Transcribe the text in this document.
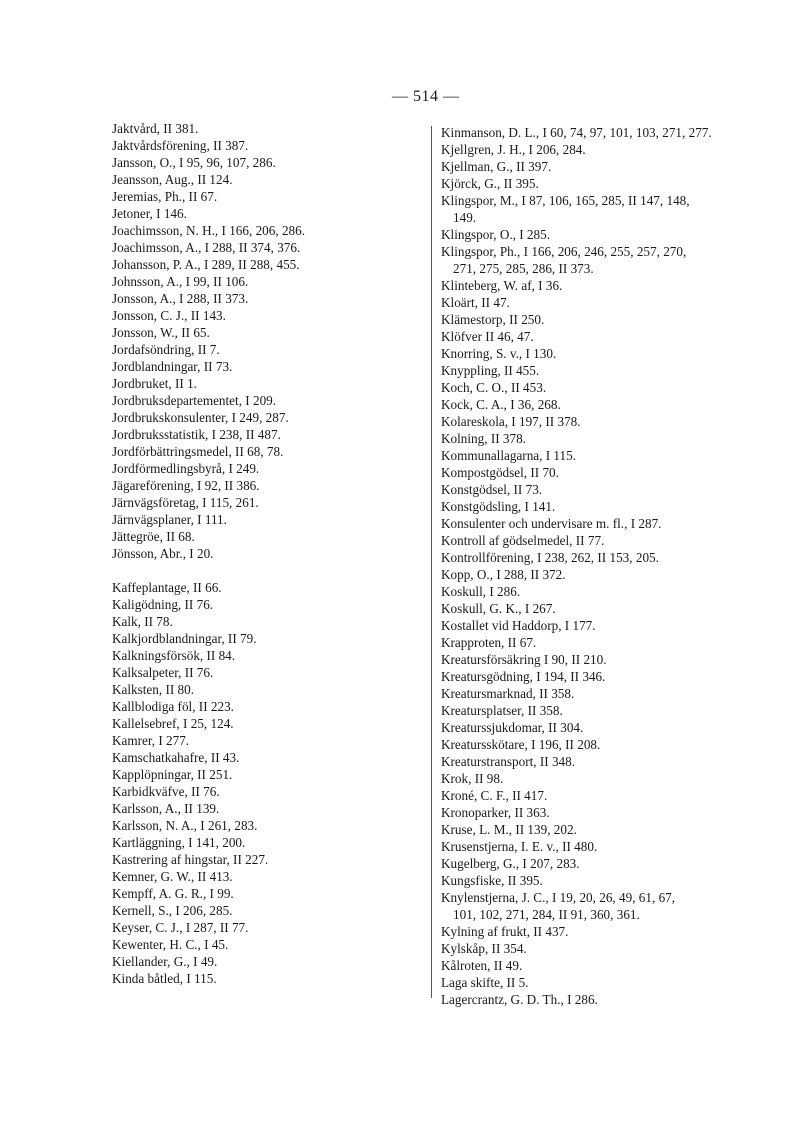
— 514 —
Jaktvård, II 381.
Jaktvårdsförening, II 387.
Jansson, O., I 95, 96, 107, 286.
Jeansson, Aug., II 124.
Jeremias, Ph., II 67.
Jetoner, I 146.
Joachimsson, N. H., I 166, 206, 286.
Joachimsson, A., I 288, II 374, 376.
Johansson, P. A., I 289, II 288, 455.
Johnsson, A., I 99, II 106.
Jonsson, A., I 288, II 373.
Jonsson, C. J., II 143.
Jonsson, W., II 65.
Jordafsöndring, II 7.
Jordblandningar, II 73.
Jordbruket, II 1.
Jordbruksdepartementet, I 209.
Jordbrukskonsulenter, I 249, 287.
Jordbruksstatistik, I 238, II 487.
Jordförbättringsmedel, II 68, 78.
Jordförmedlingsbyrå, I 249.
Jägareförening, I 92, II 386.
Järnvägsföretag, I 115, 261.
Järnvägsplaner, I 111.
Jättegröe, II 68.
Jönsson, Abr., I 20.
Kaffeplantage, II 66.
Kaligödning, II 76.
Kalk, II 78.
Kalkjordblandningar, II 79.
Kalkningsförsök, II 84.
Kalksalpeter, II 76.
Kalksten, II 80.
Kallblodiga föl, II 223.
Kallelsebref, I 25, 124.
Kamrer, I 277.
Kamschatkahafre, II 43.
Kapplöpningar, II 251.
Karbidkväfve, II 76.
Karlsson, A., II 139.
Karlsson, N. A., I 261, 283.
Kartläggning, I 141, 200.
Kastrering af hingstar, II 227.
Kemner, G. W., II 413.
Kempff, A. G. R., I 99.
Kernell, S., I 206, 285.
Keyser, C. J., I 287, II 77.
Kewenter, H. C., I 45.
Kiellander, G., I 49.
Kinda båtled, I 115.
Kinmanson, D. L., I 60, 74, 97, 101, 103, 271, 277.
Kjellgren, J. H., I 206, 284.
Kjellman, G., II 397.
Kjörck, G., II 395.
Klingspor, M., I 87, 106, 165, 285, II 147, 148,
149.
Klingspor, O., I 285.
Klingspor, Ph., I 166, 206, 246, 255, 257, 270,
271, 275, 285, 286, II 373.
Klinteberg, W. af, I 36.
Kloärt, II 47.
Klämestorp, II 250.
Klöfver II 46, 47.
Knorring, S. v., I 130.
Knyppling, II 455.
Koch, C. O., II 453.
Kock, C. A., I 36, 268.
Kolareskola, I 197, II 378.
Kolning, II 378.
Kommunallagarna, I 115.
Kompostgödsel, II 70.
Konstgödsel, II 73.
Konstgödsling, I 141.
Konsulenter och undervisare m. fl., I 287.
Kontroll af gödselmedel, II 77.
Kontrollförening, I 238, 262, II 153, 205.
Kopp, O., I 288, II 372.
Koskull, I 286.
Koskull, G. K., I 267.
Kostallet vid Haddorp, I 177.
Krapproten, II 67.
Kreatursförsäkring I 90, II 210.
Kreatursgödning, I 194, II 346.
Kreatursmarknad, II 358.
Kreatursplatser, II 358.
Kreaturssjukdomar, II 304.
Kreatursskötare, I 196, II 208.
Kreaturstransport, II 348.
Krok, II 98.
Kroné, C. F., II 417.
Kronoparker, II 363.
Kruse, L. M., II 139, 202.
Krusenstjerna, I. E. v., II 480.
Kugelberg, G., I 207, 283.
Kungsfiske, II 395.
Knylenstjerna, J. C., I 19, 20, 26, 49, 61, 67,
101, 102, 271, 284, II 91, 360, 361.
Kylning af frukt, II 437.
Kylskåp, II 354.
Kålroten, II 49.
Laga skifte, II 5.
Lagercrantz, G. D. Th., I 286.
